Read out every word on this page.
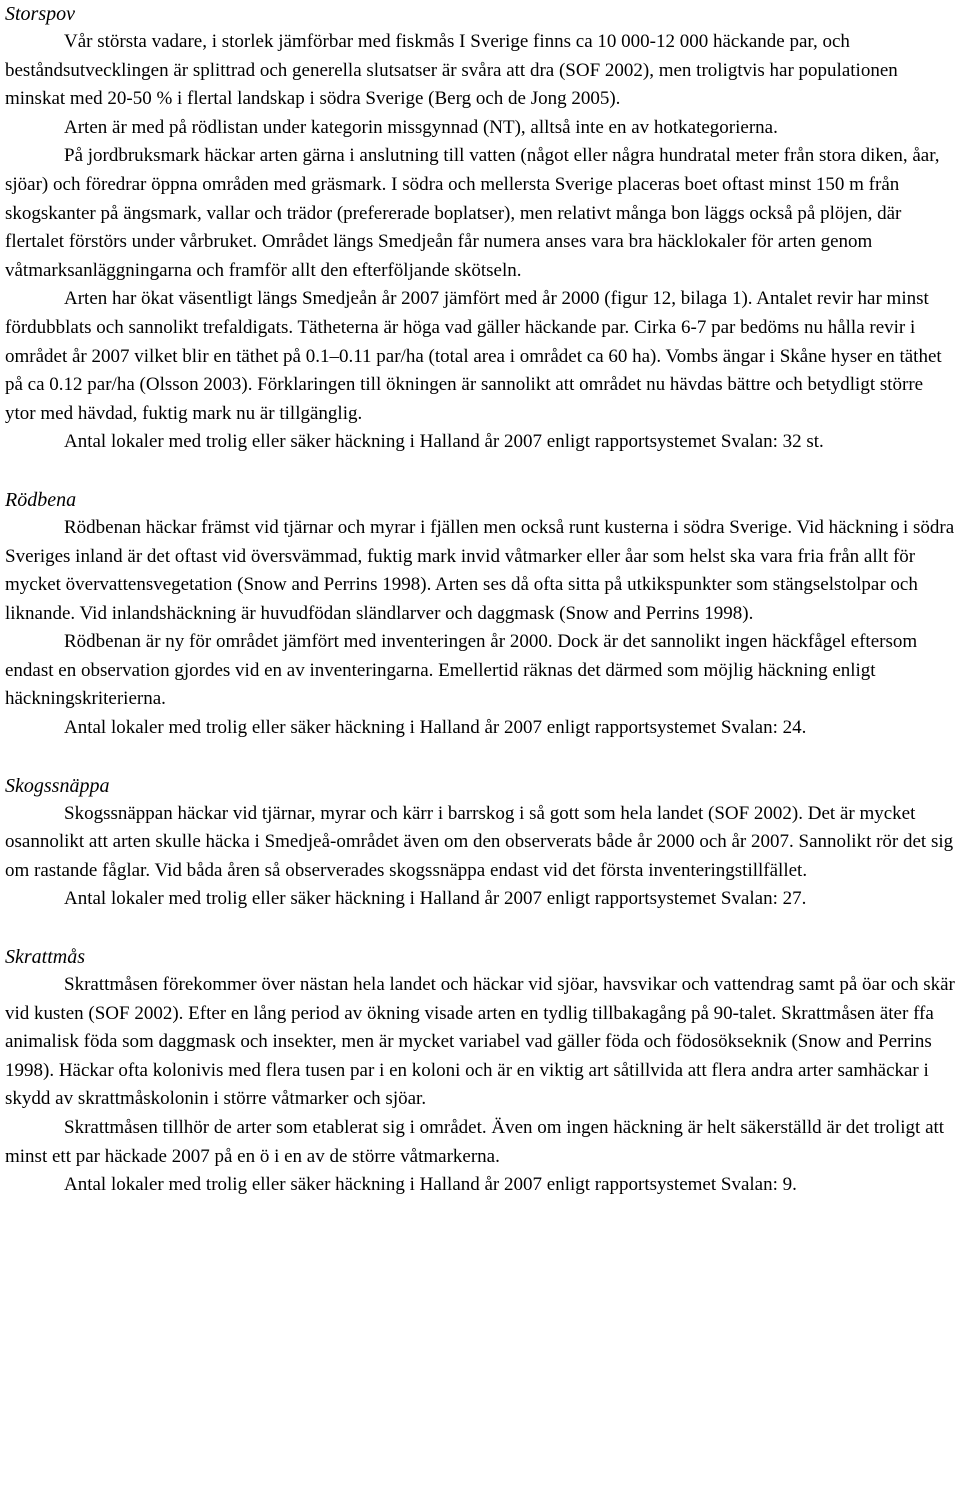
Storspov

Vår största vadare, i storlek jämförbar med fiskmås I Sverige finns ca 10 000-12 000 häckande par, och beståndsutvecklingen är splittrad och generella slutsatser är svåra att dra (SOF 2002), men troligtvis har populationen minskat med 20-50 % i flertal landskap i södra Sverige (Berg och de Jong 2005).

Arten är med på rödlistan under kategorin missgynnad (NT), alltså inte en av hotkategorierna.

På jordbruksmark häckar arten gärna i anslutning till vatten (något eller några hundratal meter från stora diken, åar, sjöar) och föredrar öppna områden med gräsmark. I södra och mellersta Sverige placeras boet oftast minst 150 m från skogskanter på ängsmark, vallar och trädor (prefererade boplatser), men relativt många bon läggs också på plöjen, där flertalet förstörs under vårbruket. Området längs Smedjeån får numera anses vara bra häcklokaler för arten genom våtmarksanläggningarna och framför allt den efterföljande skötseln.

Arten har ökat väsentligt längs Smedjeån år 2007 jämfört med år 2000 (figur 12, bilaga 1). Antalet revir har minst fördubblats och sannolikt trefaldigats. Tätheterna är höga vad gäller häckande par. Cirka 6-7 par bedöms nu hålla revir i området år 2007 vilket blir en täthet på 0.1–0.11 par/ha (total area i området ca 60 ha). Vombs ängar i Skåne hyser en täthet på ca 0.12 par/ha (Olsson 2003). Förklaringen till ökningen är sannolikt att området nu hävdas bättre och betydligt större ytor med hävdad, fuktig mark nu är tillgänglig.

Antal lokaler med trolig eller säker häckning i Halland år 2007 enligt rapportsystemet Svalan: 32 st.

Rödbena

Rödbenan häckar främst vid tjärnar och myrar i fjällen men också runt kusterna i södra Sverige. Vid häckning i södra Sveriges inland är det oftast vid översvämmad, fuktig mark invid våtmarker eller åar som helst ska vara fria från allt för mycket övervattensvegetation (Snow and Perrins 1998). Arten ses då ofta sitta på utkikspunkter som stängselstolpar och liknande. Vid inlandshäckning är huvudfödan sländlarver och daggmask (Snow and Perrins 1998).

Rödbenan är ny för området jämfört med inventeringen år 2000. Dock är det sannolikt ingen häckfågel eftersom endast en observation gjordes vid en av inventeringarna. Emellertid räknas det därmed som möjlig häckning enligt häckningskriterierna.

Antal lokaler med trolig eller säker häckning i Halland år 2007 enligt rapportsystemet Svalan: 24.

Skogssnäppa

Skogssnäppan häckar vid tjärnar, myrar och kärr i barrskog i så gott som hela landet (SOF 2002). Det är mycket osannolikt att arten skulle häcka i Smedjeå-området även om den observerats både år 2000 och år 2007. Sannolikt rör det sig om rastande fåglar. Vid båda åren så observerades skogssnäppa endast vid det första inventeringstillfället.

Antal lokaler med trolig eller säker häckning i Halland år 2007 enligt rapportsystemet Svalan: 27.

Skrattmås

Skrattmåsen förekommer över nästan hela landet och häckar vid sjöar, havsvikar och vattendrag samt på öar och skär vid kusten (SOF 2002). Efter en lång period av ökning visade arten en tydlig tillbakagång på 90-talet. Skrattmåsen äter ffa animalisk föda som daggmask och insekter, men är mycket variabel vad gäller föda och födosökseknik (Snow and Perrins 1998). Häckar ofta kolonivis med flera tusen par i en koloni och är en viktig art såtillvida att flera andra arter samhäckar i skydd av skrattmåskolonin i större våtmarker och sjöar.

Skrattmåsen tillhör de arter som etablerat sig i området. Även om ingen häckning är helt säkerställd är det troligt att minst ett par häckade 2007 på en ö i en av de större våtmarkerna.

Antal lokaler med trolig eller säker häckning i Halland år 2007 enligt rapportsystemet Svalan: 9.
